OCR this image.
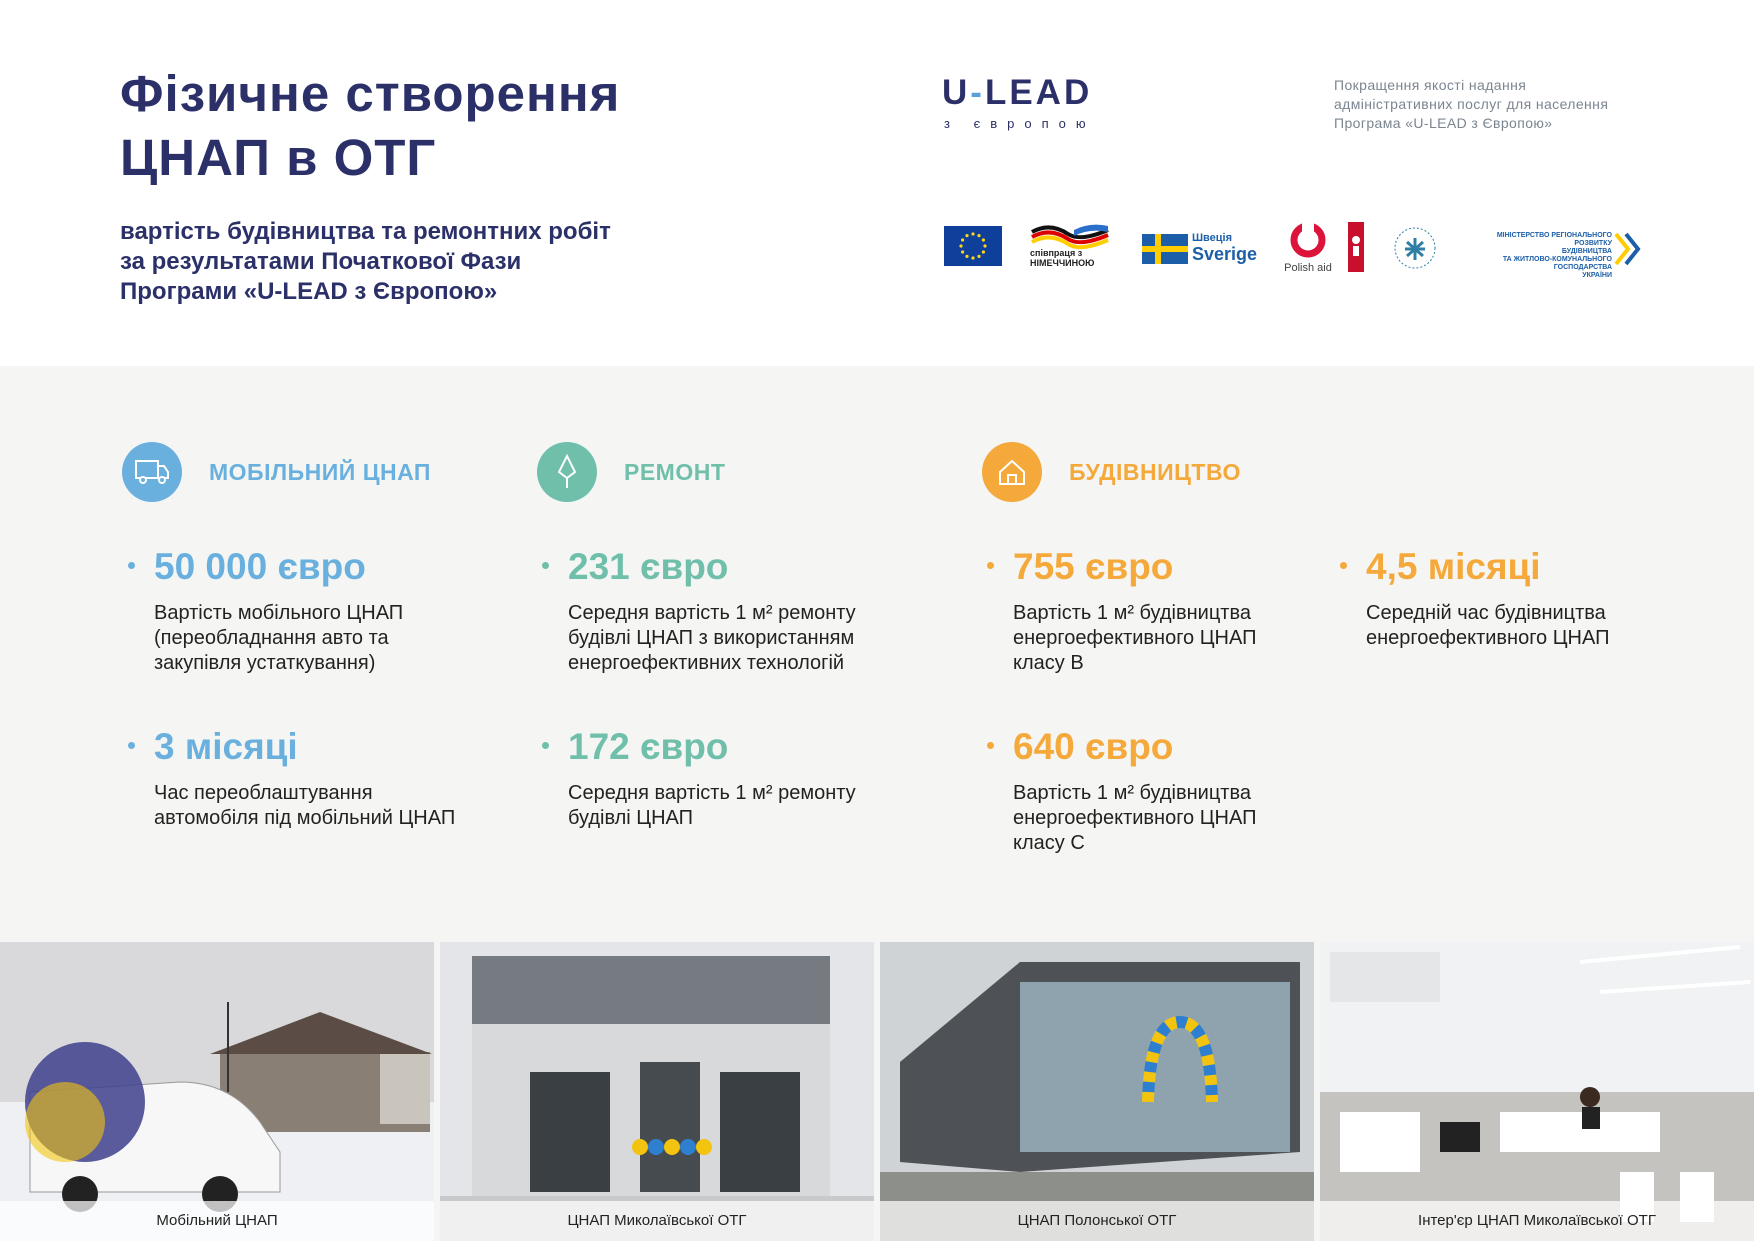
Фізичне створення
ЦНАП в ОТГ
вартість будівництва та ремонтних робіт
за результатами Початкової Фази
Програми «U-LEAD з Європою»
U-LEAD
з європою
Покращення якості надання
адміністративних послуг для населення
Програма «U-LEAD з Європою»
співпраця з
НІМЕЧЧИНОЮ
Швеція
Sverige
Polish aid
МІНІСТЕРСТВО РЕГІОНАЛЬНОГО РОЗВИТКУ
БУДІВНИЦТВА
ТА ЖИТЛОВО-КОМУНАЛЬНОГО ГОСПОДАРСТВА
УКРАЇНИ
МОБІЛЬНИЙ ЦНАП	РЕМОНТ	БУДІВНИЦТВО
50 000 євро
Вартість мобільного ЦНАП (переобладнання авто та закупівля устаткування)
3 місяці
Час переоблаштування автомобіля під мобільний ЦНАП
231 євро
Середня вартість 1 м² ремонту будівлі ЦНАП з використанням енергоефективних технологій
172 євро
Середня вартість 1 м² ремонту будівлі ЦНАП
755 євро
Вартість 1 м² будівництва енергоефективного ЦНАП класу В
640 євро
Вартість 1 м² будівництва енергоефективного ЦНАП класу С
4,5 місяці
Середній час будівництва енергоефективного ЦНАП
Мобільний ЦНАП	ЦНАП Миколаївської ОТГ	ЦНАП Полонської ОТГ	Інтер'єр ЦНАП Миколаївської ОТГ
